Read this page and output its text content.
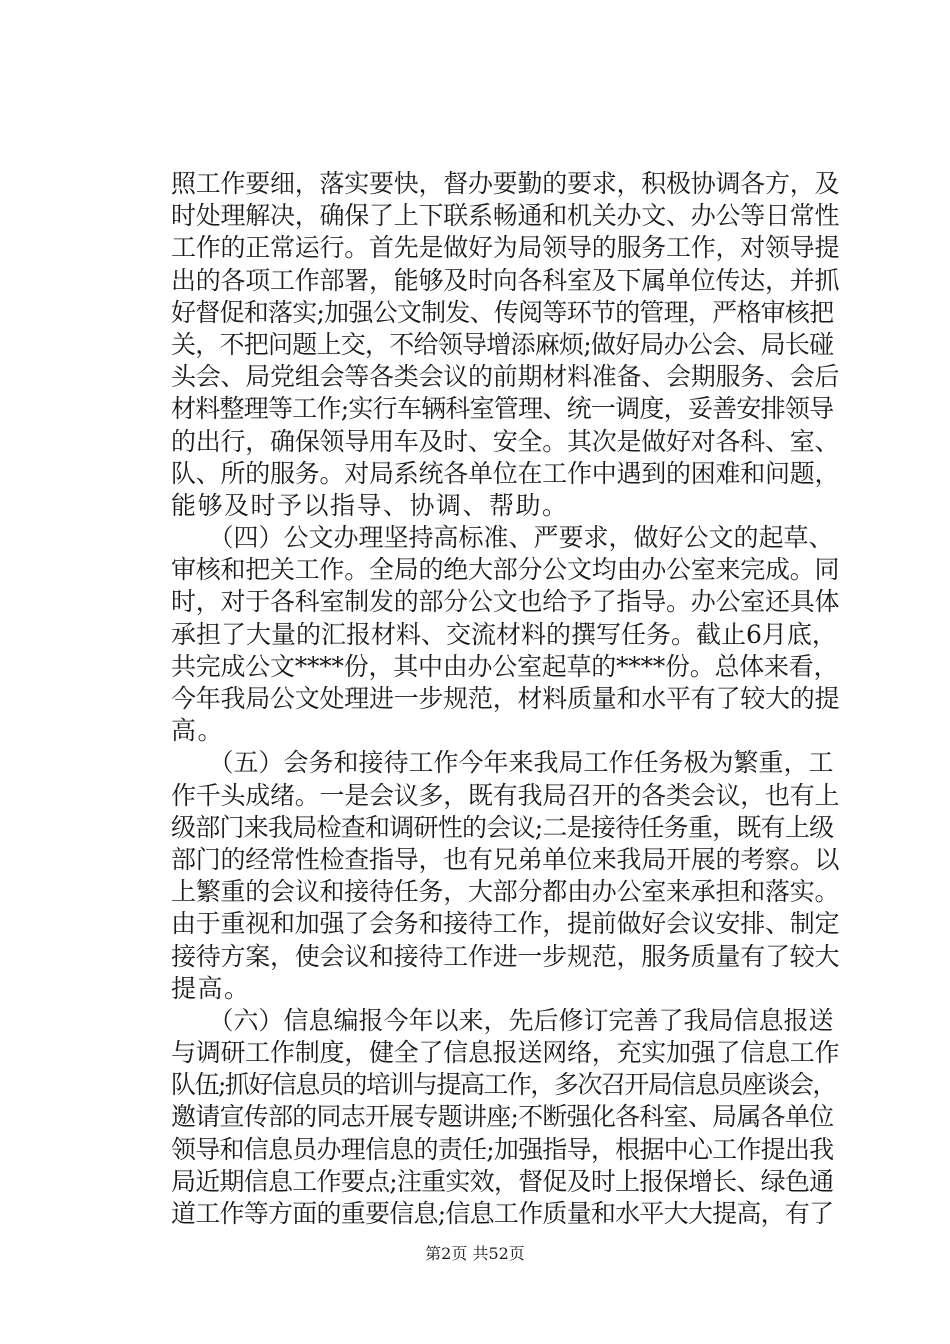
照工作要细，落实要快，督办要勤的要求，积极协调各方，及
时处理解决，确保了上下联系畅通和机关办文、办公等日常性
工作的正常运行。首先是做好为局领导的服务工作，对领导提
出的各项工作部署，能够及时向各科室及下属单位传达，并抓
好督促和落实;加强公文制发、传阅等环节的管理，严格审核把
关，不把问题上交，不给领导增添麻烦;做好局办公会、局长碰
头会、局党组会等各类会议的前期材料准备、会期服务、会后
材料整理等工作;实行车辆科室管理、统一调度，妥善安排领导
的出行，确保领导用车及时、安全。其次是做好对各科、室、
队、所的服务。对局系统各单位在工作中遇到的困难和问题，
能够及时予以指导、协调、帮助。
　　（四）公文办理坚持高标准、严要求，做好公文的起草、
审核和把关工作。全局的绝大部分公文均由办公室来完成。同
时，对于各科室制发的部分公文也给予了指导。办公室还具体
承担了大量的汇报材料、交流材料的撰写任务。截止6月底，
共完成公文****份，其中由办公室起草的****份。总体来看，
今年我局公文处理进一步规范，材料质量和水平有了较大的提
高。
　　（五）会务和接待工作今年来我局工作任务极为繁重，工
作千头成绪。一是会议多，既有我局召开的各类会议，也有上
级部门来我局检查和调研性的会议;二是接待任务重，既有上级
部门的经常性检查指导，也有兄弟单位来我局开展的考察。以
上繁重的会议和接待任务，大部分都由办公室来承担和落实。
由于重视和加强了会务和接待工作，提前做好会议安排、制定
接待方案，使会议和接待工作进一步规范，服务质量有了较大
提高。
　　（六）信息编报今年以来，先后修订完善了我局信息报送
与调研工作制度，健全了信息报送网络，充实加强了信息工作
队伍;抓好信息员的培训与提高工作，多次召开局信息员座谈会，
邀请宣传部的同志开展专题讲座;不断强化各科室、局属各单位
领导和信息员办理信息的责任;加强指导，根据中心工作提出我
局近期信息工作要点;注重实效，督促及时上报保增长、绿色通
道工作等方面的重要信息;信息工作质量和水平大大提高，有了
第2页 共52页
